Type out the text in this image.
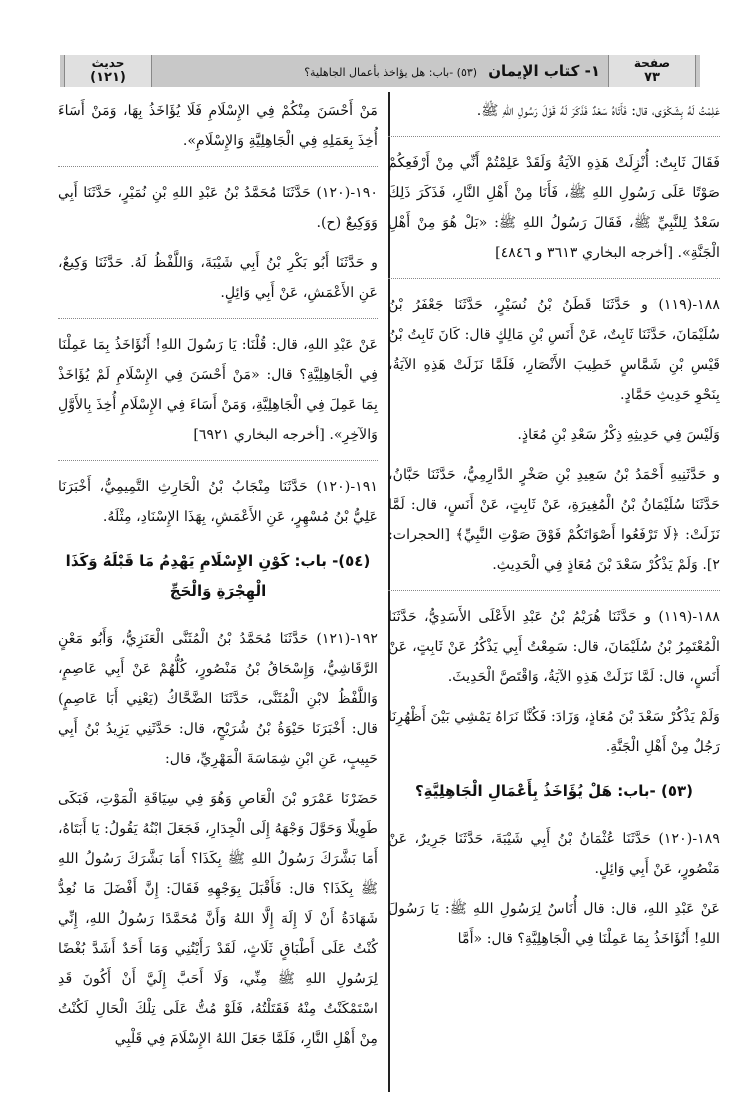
صفحة
٧٣
١- كتاب الإيمان (٥٣) -باب: هل يؤاخذ بأعمال الجاهلية؟
حديث
(١٢١)

عَلِمْتُ لَهُ بِشَكْوَى، قال: فَأَتَاهُ سَعْدٌ فَذَكَرَ لَهُ قَوْلَ رَسُولِ اللهِ ﷺ.

فَقَالَ ثَابِتٌ: أُنْزِلَتْ هَذِهِ الآيَةُ وَلَقَدْ عَلِمْتُمْ أَنِّي مِنْ أَرْفَعِكُمْ صَوْتًا عَلَى رَسُولِ اللهِ ﷺ، فَأَنَا مِنْ أَهْلِ النَّارِ، فَذَكَرَ ذَلِكَ سَعْدٌ لِلنَّبِيِّ ﷺ، فَقَالَ رَسُولُ اللهِ ﷺ: «بَلْ هُوَ مِنْ أَهْلِ الْجَنَّةِ». [أخرجه البخاري ٣٦١٣ و ٤٨٤٦]

١٨٨-(١١٩) و حَدَّثَنَا قَطَنُ بْنُ نُسَيْرٍ، حَدَّثَنَا جَعْفَرُ بْنُ سُلَيْمَانَ، حَدَّثَنَا ثَابِتٌ، عَنْ أَنَسِ بْنِ مَالِكٍ قال: كَانَ ثَابِتُ بْنُ قَيْسِ بْنِ شَمَّاسٍ خَطِيبَ الأَنْصَارِ، فَلَمَّا نَزَلَتْ هَذِهِ الآيَةُ، بِنَحْوِ حَدِيثِ حَمَّادٍ.

وَلَيْسَ فِي حَدِيثِهِ ذِكْرُ سَعْدِ بْنِ مُعَاذٍ.

و حَدَّثَنِيهِ أَحْمَدُ بْنُ سَعِيدِ بْنِ صَخْرٍ الدَّارِمِيُّ، حَدَّثَنَا حَبَّانُ، حَدَّثَنَا سُلَيْمَانُ بْنُ الْمُغِيرَةِ، عَنْ ثَابِتٍ، عَنْ أَنَسٍ، قال: لَمَّا نَزَلَتْ: ﴿لَا تَرْفَعُوا أَصْوَاتَكُمْ فَوْقَ صَوْتِ النَّبِيِّ﴾ [الحجرات: ٢]. وَلَمْ يَذْكُرْ سَعْدَ بْنَ مُعَاذٍ فِي الْحَدِيثِ.

١٨٨-(١١٩) و حَدَّثَنَا هُرَيْمُ بْنُ عَبْدِ الأَعْلَى الأَسَدِيُّ، حَدَّثَنَا الْمُعْتَمِرُ بْنُ سُلَيْمَانَ، قال: سَمِعْتُ أَبِي يَذْكُرُ عَنْ ثَابِتٍ، عَنْ أَنَسٍ، قال: لَمَّا نَزَلَتْ هَذِهِ الآيَةُ، وَاقْتَصَّ الْحَدِيثَ.

وَلَمْ يَذْكُرْ سَعْدَ بْنَ مُعَاذٍ، وَزَادَ: فَكُنَّا نَرَاهُ يَمْشِي بَيْنَ أَظْهُرِنَا رَجُلٌ مِنْ أَهْلِ الْجَنَّةِ.

(٥٣) -باب: هَلْ يُؤَاخَذُ بِأَعْمَالِ الْجَاهِلِيَّةِ؟

١٨٩-(١٢٠) حَدَّثَنَا عُثْمَانُ بْنُ أَبِي شَيْبَةَ، حَدَّثَنَا جَرِيرٌ، عَنْ مَنْصُورٍ، عَنْ أَبِي وَائِلٍ.

عَنْ عَبْدِ اللهِ، قال: قال أُنَاسٌ لِرَسُولِ اللهِ ﷺ: يَا رَسُولَ اللهِ! أَنُؤَاخَذُ بِمَا عَمِلْنَا فِي الْجَاهِلِيَّةِ؟ قال: «أَمَّا

مَنْ أَحْسَنَ مِنْكُمْ فِي الإِسْلَامِ فَلَا يُؤَاخَذُ بِهَا، وَمَنْ أَسَاءَ أُخِذَ بِعَمَلِهِ فِي الْجَاهِلِيَّةِ وَالإِسْلَامِ».

١٩٠-(١٢٠) حَدَّثَنَا مُحَمَّدُ بْنُ عَبْدِ اللهِ بْنِ نُمَيْرٍ، حَدَّثَنَا أَبِي وَوَكِيعٌ (ح).

و حَدَّثَنَا أَبُو بَكْرِ بْنُ أَبِي شَيْبَةَ، وَاللَّفْظُ لَهُ. حَدَّثَنَا وَكِيعٌ، عَنِ الأَعْمَشِ، عَنْ أَبِي وَائِلٍ.

عَنْ عَبْدِ اللهِ، قال: قُلْنَا: يَا رَسُولَ اللهِ! أَنُؤَاخَذُ بِمَا عَمِلْنَا فِي الْجَاهِلِيَّةِ؟ قال: «مَنْ أَحْسَنَ فِي الإِسْلَامِ لَمْ يُؤَاخَذْ بِمَا عَمِلَ فِي الْجَاهِلِيَّةِ، وَمَنْ أَسَاءَ فِي الإِسْلَامِ أُخِذَ بِالأَوَّلِ وَالآخِرِ». [أخرجه البخاري ٦٩٢١]

١٩١-(١٢٠) حَدَّثَنَا مِنْجَابُ بْنُ الْحَارِثِ التَّمِيمِيُّ، أَخْبَرَنَا عَلِيُّ بْنُ مُسْهِرٍ، عَنِ الأَعْمَشِ، بِهَذَا الإِسْنَادِ، مِثْلَهُ.

(٥٤)- باب: كَوْنِ الإِسْلَامِ يَهْدِمُ مَا قَبْلَهُ وَكَذَا الْهِجْرَةِ وَالْحَجِّ

١٩٢-(١٢١) حَدَّثَنَا مُحَمَّدُ بْنُ الْمُثَنَّى الْعَنَزِيُّ، وَأَبُو مَعْنٍ الرَّقَاشِيُّ، وَإِسْحَاقُ بْنُ مَنْصُورٍ، كُلُّهُمْ عَنْ أَبِي عَاصِمٍ، وَاللَّفْظُ لابْنِ الْمُثَنَّى، حَدَّثَنَا الضَّحَّاكُ (يَعْنِي أَبَا عَاصِمٍ) قال: أَخْبَرَنَا حَيْوَةُ بْنُ شُرَيْحٍ، قال: حَدَّثَنِي يَزِيدُ بْنُ أَبِي حَبِيبٍ، عَنِ ابْنِ شِمَاسَةَ الْمَهْرِيِّ، قال:

حَضَرْنَا عَمْرَو بْنَ الْعَاصِ وَهُوَ فِي سِيَاقَةِ الْمَوْتِ، فَبَكَى طَوِيلًا وَحَوَّلَ وَجْهَهُ إِلَى الْجِدَارِ، فَجَعَلَ ابْنُهُ يَقُولُ: يَا أَبَتَاهُ، أَمَا بَشَّرَكَ رَسُولُ اللهِ ﷺ بِكَذَا؟ أَمَا بَشَّرَكَ رَسُولُ اللهِ ﷺ بِكَذَا؟ قال: فَأَقْبَلَ بِوَجْهِهِ فَقَالَ: إِنَّ أَفْضَلَ مَا نُعِدُّ شَهَادَةُ أَنْ لَا إِلَهَ إِلَّا اللهُ وَأَنَّ مُحَمَّدًا رَسُولُ اللهِ، إِنِّي كُنْتُ عَلَى أَطْبَاقٍ ثَلَاثٍ، لَقَدْ رَأَيْتُنِي وَمَا أَحَدٌ أَشَدَّ بُغْضًا لِرَسُولِ اللهِ ﷺ مِنِّي، وَلَا أَحَبَّ إِلَيَّ أَنْ أَكُونَ قَدِ اسْتَمْكَنْتُ مِنْهُ فَقَتَلْتُهُ، فَلَوْ مُتُّ عَلَى تِلْكَ الْحَالِ لَكُنْتُ مِنْ أَهْلِ النَّارِ، فَلَمَّا جَعَلَ اللهُ الإِسْلَامَ فِي قَلْبِي
